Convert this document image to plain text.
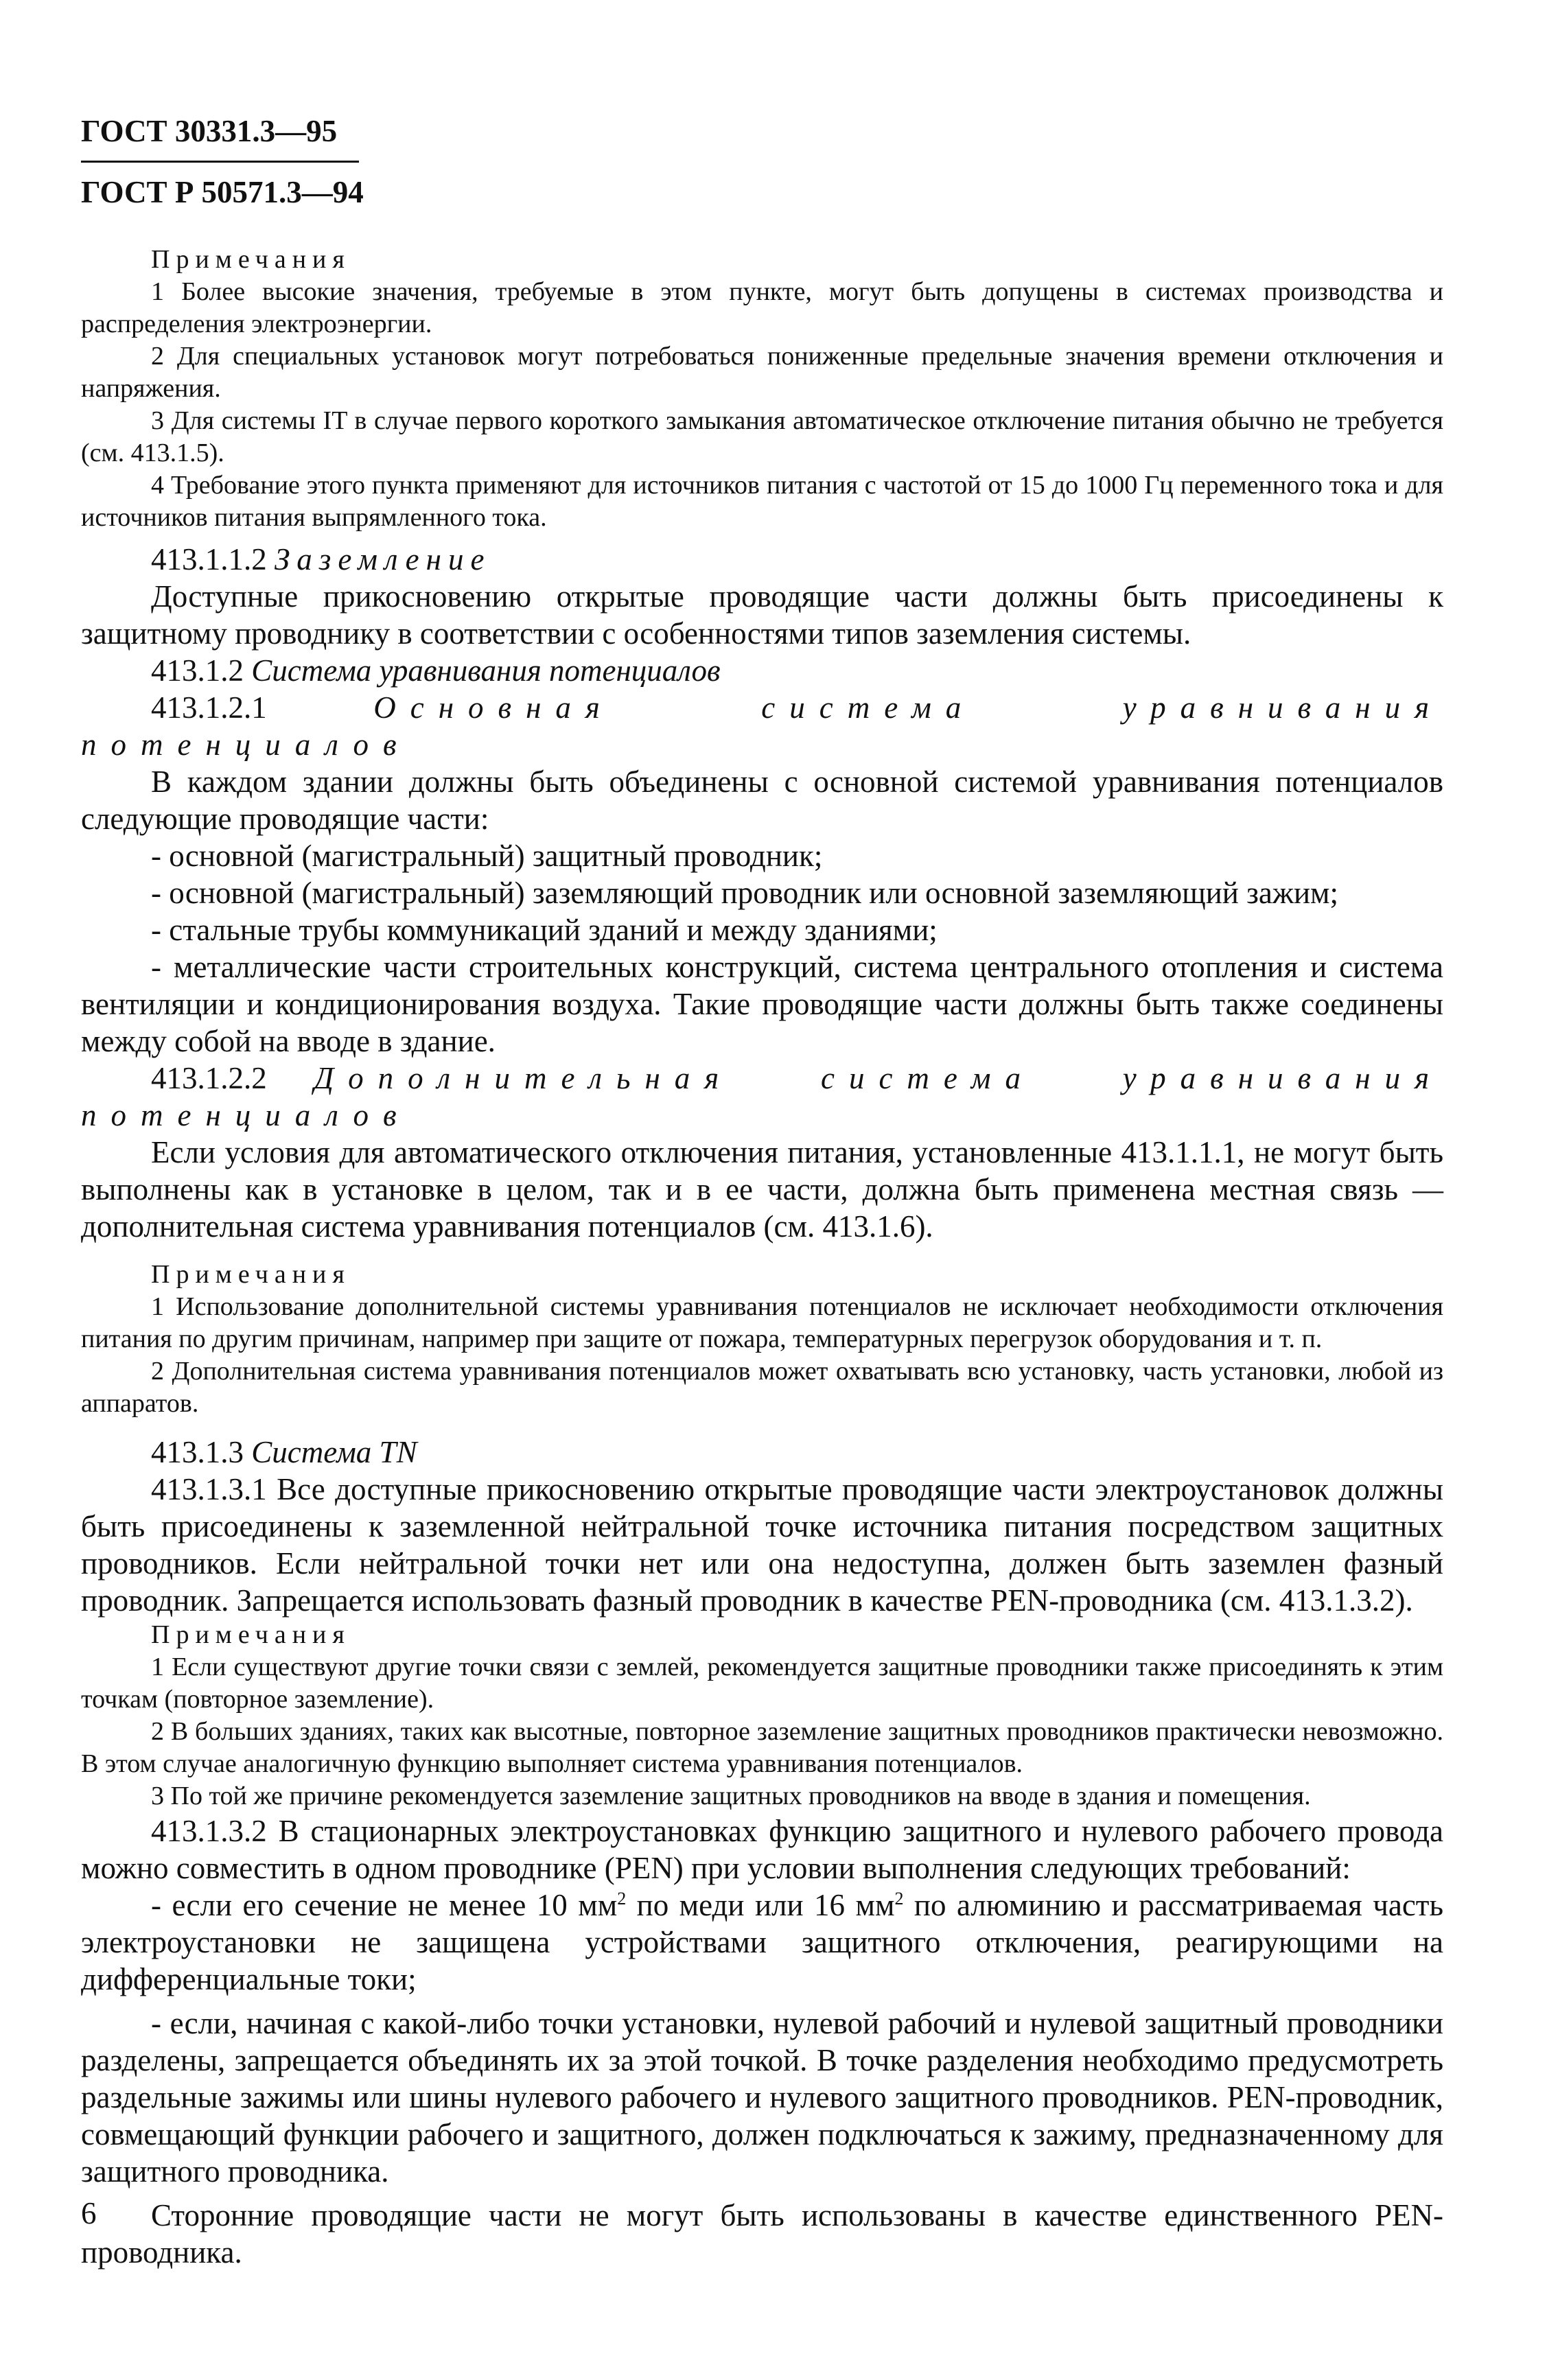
ГОСТ 30331.3—95

ГОСТ Р 50571.3—94

Примечания

1 Более высокие значения, требуемые в этом пункте, могут быть допущены в системах производства и распределения электроэнергии.

2 Для специальных установок могут потребоваться пониженные предельные значения времени отключения и напряжения.

3 Для системы IT в случае первого короткого замыкания автоматическое отключение питания обычно не требуется (см. 413.1.5).

4 Требование этого пункта применяют для источников питания с частотой от 15 до 1000 Гц переменного тока и для источников питания выпрямленного тока.

413.1.1.2 Заземление

Доступные прикосновению открытые проводящие части должны быть присоединены к защитному проводнику в соответствии с особенностями типов заземления системы.

413.1.2 Система уравнивания потенциалов

413.1.2.1	Основная система уравнивания потенциалов

В каждом здании должны быть объединены с основной системой уравнивания потенциалов следующие проводящие части:

- основной (магистральный) защитный проводник;

- основной (магистральный) заземляющий проводник или основной заземляющий зажим;

- стальные трубы коммуникаций зданий и между зданиями;

- металлические части строительных конструкций, система центрального отопления и система вентиляции и кондиционирования воздуха. Такие проводящие части должны быть также соединены между собой на вводе в здание.

413.1.2.2 Дополнительная система уравнивания потенциалов

Если условия для автоматического отключения питания, установленные 413.1.1.1, не могут быть выполнены как в установке в целом, так и в ее части, должна быть применена местная связь — дополнительная система уравнивания потенциалов (см. 413.1.6).

Примечания

1 Использование дополнительной системы уравнивания потенциалов не исключает необходимости отключения питания по другим причинам, например при защите от пожара, температурных перегрузок оборудования и т. п.

2 Дополнительная система уравнивания потенциалов может охватывать всю установку, часть установки, любой из аппаратов.

413.1.3 Система TN

413.1.3.1 Все доступные прикосновению открытые проводящие части электроустановок должны быть присоединены к заземленной нейтральной точке источника питания посредством защитных проводников. Если нейтральной точки нет или она недоступна, должен быть заземлен фазный проводник. Запрещается использовать фазный проводник в качестве PEN-проводника (см. 413.1.3.2).

Примечания

1 Если существуют другие точки связи с землей, рекомендуется защитные проводники также присоединять к этим точкам (повторное заземление).

2 В больших зданиях, таких как высотные, повторное заземление защитных проводников практически невозможно. В этом случае аналогичную функцию выполняет система уравнивания потенциалов.

3 По той же причине рекомендуется заземление защитных проводников на вводе в здания и помещения.

413.1.3.2 В стационарных электроустановках функцию защитного и нулевого рабочего провода можно совместить в одном проводнике (PEN) при условии выполнения следующих требований:

- если его сечение не менее 10 $мм^2$ по меди или 16 $мм^2$ по алюминию и рассматриваемая часть электроустановки не защищена устройствами защитного отключения, реагирующими на дифференциальные токи;

- если, начиная с какой-либо точки установки, нулевой рабочий и нулевой защитный проводники разделены, запрещается объединять их за этой точкой. В точке разделения необходимо предусмотреть раздельные зажимы или шины нулевого рабочего и нулевого защитного проводников. PEN-проводник, совмещающий функции рабочего и защитного, должен подключаться к зажиму, предназначенному для защитного проводника.

Сторонние проводящие части не могут быть использованы в качестве единственного PEN-проводника.

6
